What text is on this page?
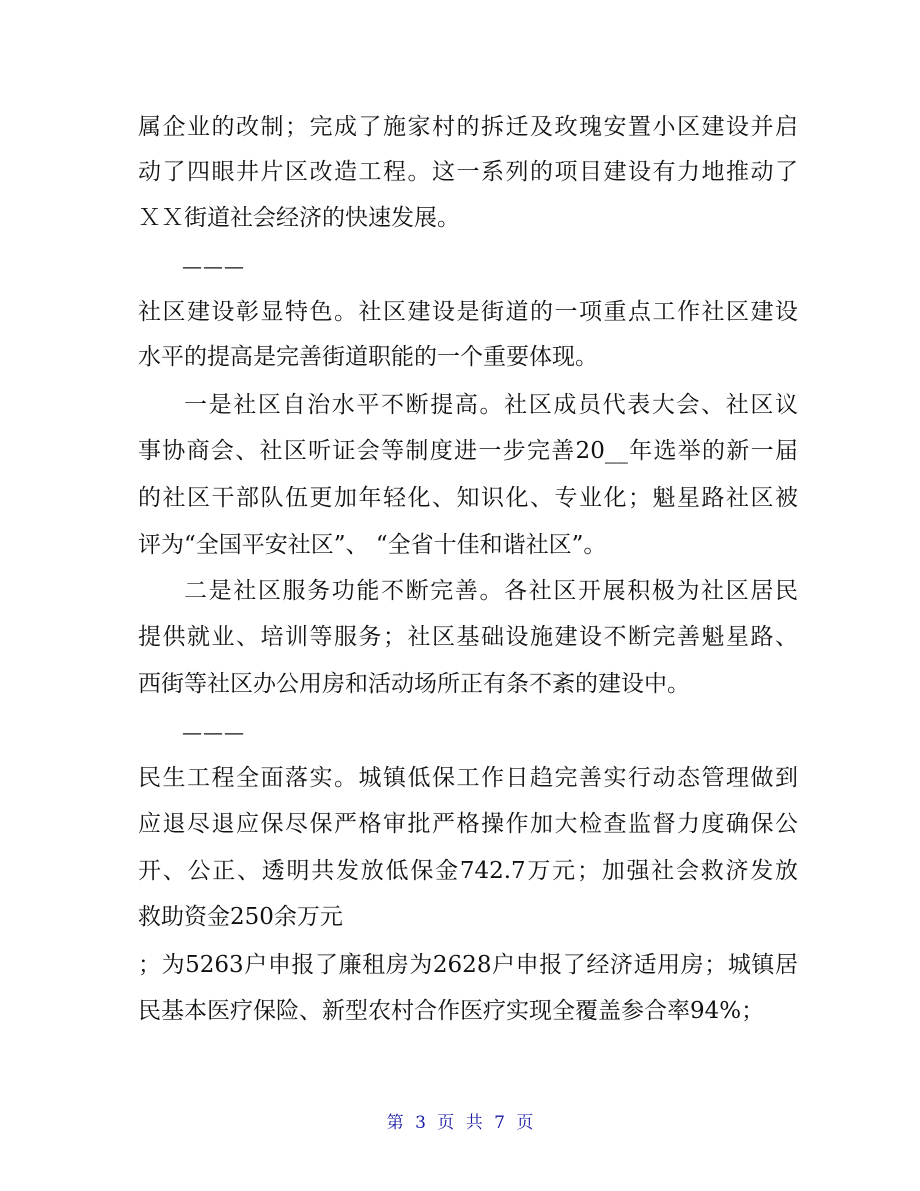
属企业的改制；完成了施家村的拆迁及玫瑰安置小区建设并启
动了四眼井片区改造工程。这一系列的项目建设有力地推动了
ＸＸ街道社会经济的快速发展。
———
社区建设彰显特色。社区建设是街道的一项重点工作社区建设
水平的提高是完善街道职能的一个重要体现。
一是社区自治水平不断提高。社区成员代表大会、社区议
事协商会、社区听证会等制度进一步完善20__年选举的新一届
的社区干部队伍更加年轻化、知识化、专业化；魁星路社区被
评为“全国平安社区”、 “全省十佳和谐社区”。
二是社区服务功能不断完善。各社区开展积极为社区居民
提供就业、培训等服务；社区基础设施建设不断完善魁星路、
西街等社区办公用房和活动场所正有条不紊的建设中。
———
民生工程全面落实。城镇低保工作日趋完善实行动态管理做到
应退尽退应保尽保严格审批严格操作加大检查监督力度确保公
开、公正、透明共发放低保金742.7万元；加强社会救济发放
救助资金250余万元
；为5263户申报了廉租房为2628户申报了经济适用房；城镇居
民基本医疗保险、新型农村合作医疗实现全覆盖参合率94%；
第 3 页 共 7 页
